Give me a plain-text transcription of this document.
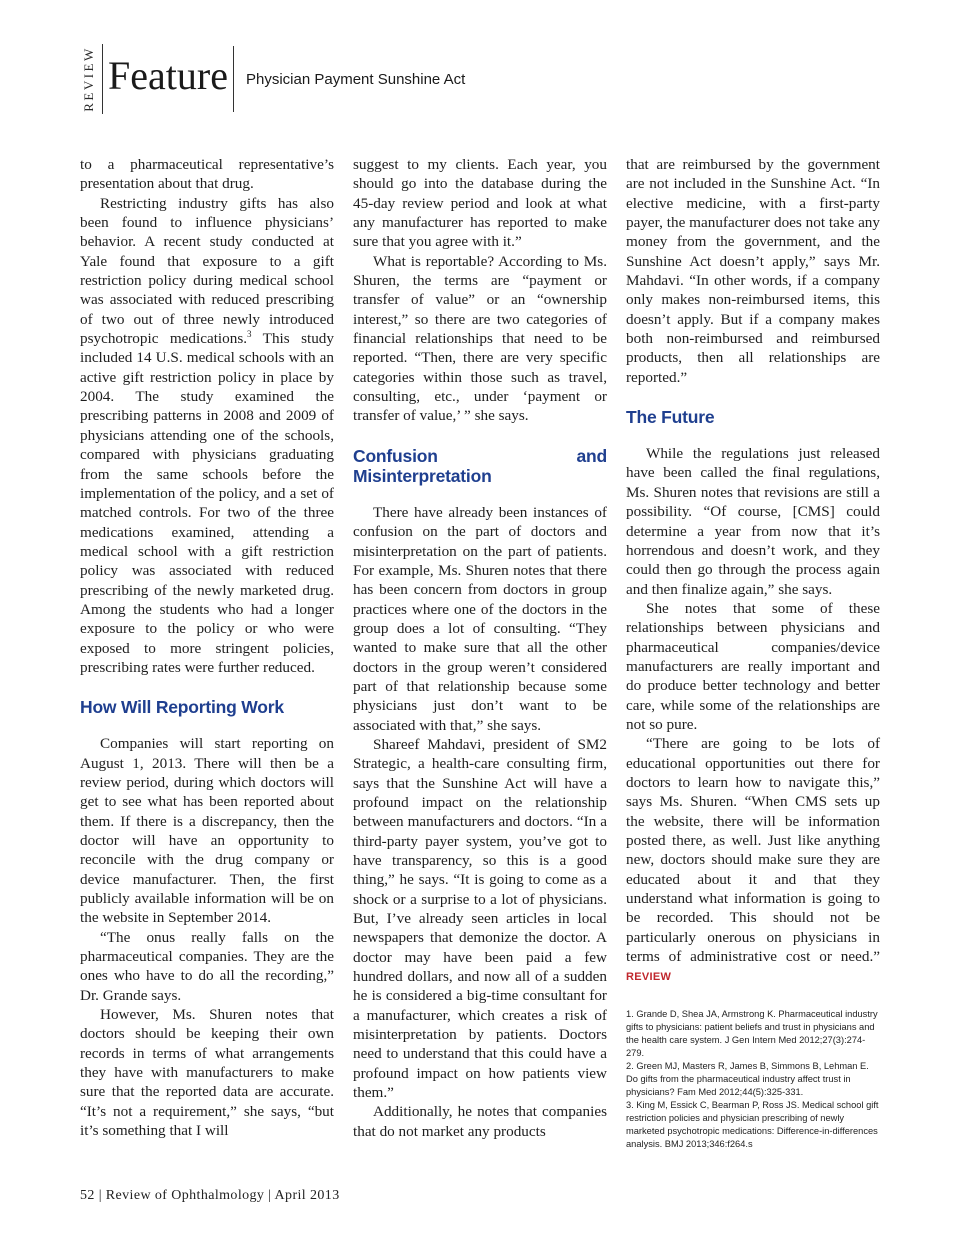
REVIEW Feature Physician Payment Sunshine Act

to a pharmaceutical representative’s presentation about that drug.

Restricting industry gifts has also been found to influence physicians’ behavior. A recent study conducted at Yale found that exposure to a gift restriction policy during medical school was associated with reduced prescribing of two out of three newly introduced psychotropic medications.$^3$ This study included 14 U.S. medical schools with an active gift restriction policy in place by 2004. The study examined the prescribing patterns in 2008 and 2009 of physicians attending one of the schools, compared with physicians graduating from the same schools before the implementation of the policy, and a set of matched controls. For two of the three medications examined, attending a medical school with a gift restriction policy was associated with reduced prescribing of the newly marketed drug. Among the students who had a longer exposure to the policy or who were exposed to more stringent policies, prescribing rates were further reduced.

How Will Reporting Work

Companies will start reporting on August 1, 2013. There will then be a review period, during which doctors will get to see what has been reported about them. If there is a discrepancy, then the doctor will have an opportunity to reconcile with the drug company or device manufacturer. Then, the first publicly available information will be on the website in September 2014.

“The onus really falls on the pharmaceutical companies. They are the ones who have to do all the recording,” Dr. Grande says.

However, Ms. Shuren notes that doctors should be keeping their own records in terms of what arrangements they have with manufacturers to make sure that the reported data are accurate. “It’s not a requirement,” she says, “but it’s something that I will

suggest to my clients. Each year, you should go into the database during the 45-day review period and look at what any manufacturer has reported to make sure that you agree with it.”

What is reportable? According to Ms. Shuren, the terms are “payment or transfer of value” or an “ownership interest,” so there are two categories of financial relationships that need to be reported. “Then, there are very specific categories within those such as travel, consulting, etc., under ‘payment or transfer of value,’ ” she says.

Confusion and Misinterpretation

There have already been instances of confusion on the part of doctors and misinterpretation on the part of patients. For example, Ms. Shuren notes that there has been concern from doctors in group practices where one of the doctors in the group does a lot of consulting. “They wanted to make sure that all the other doctors in the group weren’t considered part of that relationship because some physicians just don’t want to be associated with that,” she says.

Shareef Mahdavi, president of SM2 Strategic, a health-care consulting firm, says that the Sunshine Act will have a profound impact on the relationship between manufacturers and doctors. “In a third-party payer system, you’ve got to have transparency, so this is a good thing,” he says. “It is going to come as a shock or a surprise to a lot of physicians. But, I’ve already seen articles in local newspapers that demonize the doctor. A doctor may have been paid a few hundred dollars, and now all of a sudden he is considered a big-time consultant for a manufacturer, which creates a risk of misinterpretation by patients. Doctors need to understand that this could have a profound impact on how patients view them.”

Additionally, he notes that companies that do not market any products

that are reimbursed by the government are not included in the Sunshine Act. “In elective medicine, with a first-party payer, the manufacturer does not take any money from the government, and the Sunshine Act doesn’t apply,” says Mr. Mahdavi. “In other words, if a company only makes non-reimbursed items, this doesn’t apply. But if a company makes both non-reimbursed and reimbursed products, then all relationships are reported.”

The Future

While the regulations just released have been called the final regulations, Ms. Shuren notes that revisions are still a possibility. “Of course, [CMS] could determine a year from now that it’s horrendous and doesn’t work, and they could then go through the process again and then finalize again,” she says.

She notes that some of these relationships between physicians and pharmaceutical companies/device manufacturers are really important and do produce better technology and better care, while some of the relationships are not so pure.

“There are going to be lots of educational opportunities out there for doctors to learn how to navigate this,” says Ms. Shuren. “When CMS sets up the website, there will be information posted there, as well. Just like anything new, doctors should make sure they are educated about it and that they understand what information is going to be recorded. This should not be particularly onerous on physicians in terms of administrative cost or need.” REVIEW

1. Grande D, Shea JA, Armstrong K. Pharmaceutical industry gifts to physicians: patient beliefs and trust in physicians and the health care system. J Gen Intern Med 2012;27(3):274-279.
2. Green MJ, Masters R, James B, Simmons B, Lehman E. Do gifts from the pharmaceutical industry affect trust in physicians? Fam Med 2012;44(5):325-331.
3. King M, Essick C, Bearman P, Ross JS. Medical school gift restriction policies and physician prescribing of newly marketed psychotropic medications: Difference-in-differences analysis. BMJ 2013;346:f264.s
52 | Review of Ophthalmology | April 2013
